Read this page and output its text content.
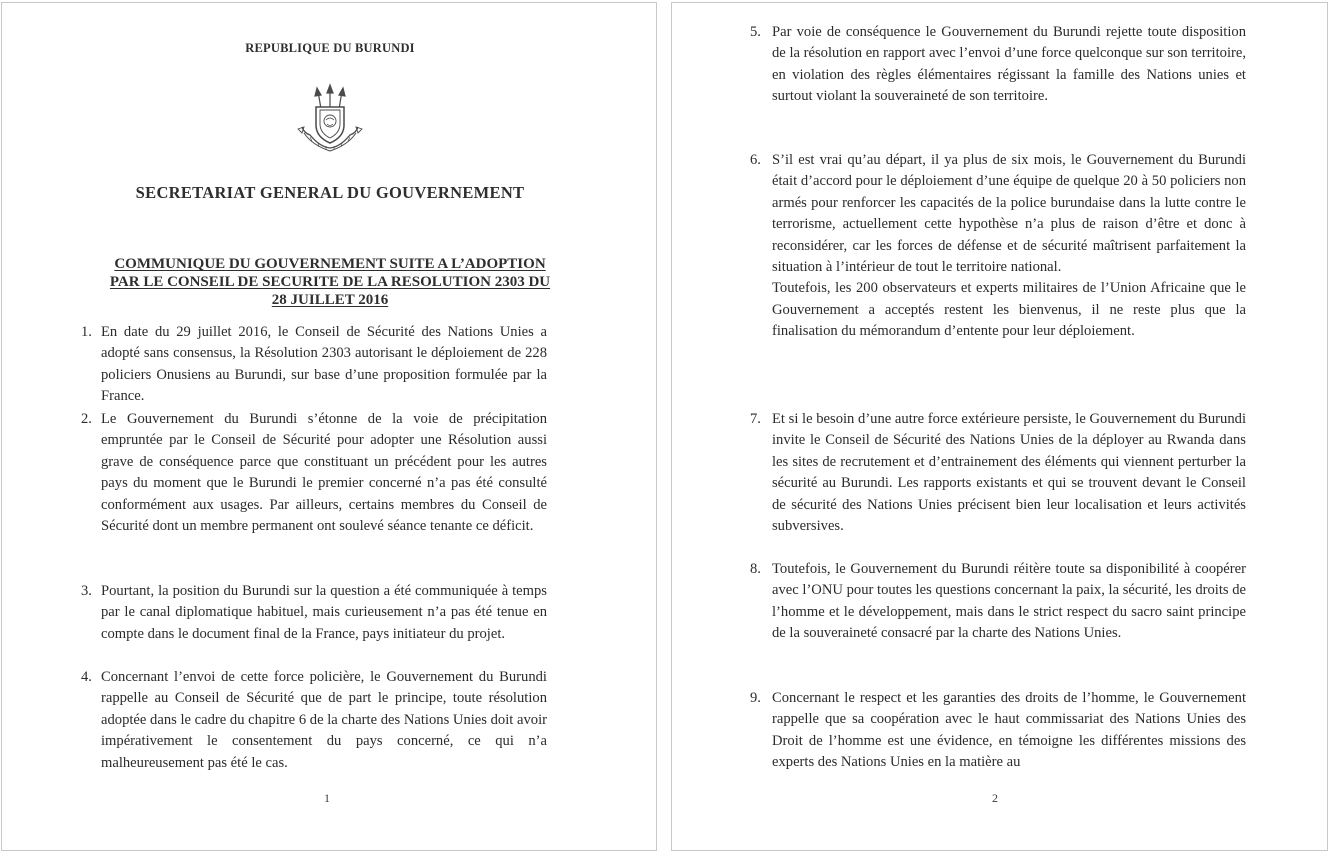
REPUBLIQUE DU BURUNDI
SECRETARIAT GENERAL DU GOUVERNEMENT
COMMUNIQUE DU GOUVERNEMENT SUITE A L’ADOPTION
PAR LE CONSEIL DE SECURITE DE LA RESOLUTION 2303 DU
28 JUILLET 2016
1. En date du 29 juillet 2016, le Conseil de Sécurité des Nations Unies a adopté sans consensus, la Résolution 2303 autorisant le déploiement de 228 policiers Onusiens au Burundi, sur base d’une proposition formulée par la France.
2. Le Gouvernement du Burundi s’étonne de la voie de précipitation empruntée par le Conseil de Sécurité pour adopter une Résolution aussi grave de conséquence parce que constituant un précédent pour les autres pays du moment que le Burundi le premier concerné n’a pas été consulté conformément aux usages. Par ailleurs, certains membres du Conseil de Sécurité dont un membre permanent ont soulevé séance tenante ce déficit.
3. Pourtant, la position du Burundi sur la question a été communiquée à temps par le canal diplomatique habituel, mais curieusement n’a pas été tenue en compte dans le document final de la France, pays initiateur du projet.
4. Concernant l’envoi de cette force policière, le Gouvernement du Burundi rappelle au Conseil de Sécurité que de part le principe, toute résolution adoptée dans le cadre du chapitre 6 de la charte des Nations Unies doit avoir impérativement le consentement du pays concerné, ce qui n’a malheureusement pas été le cas.
1
5. Par voie de conséquence le Gouvernement du Burundi rejette toute disposition de la résolution en rapport avec l’envoi d’une force quelconque sur son territoire, en violation des règles élémentaires régissant la famille des Nations unies et surtout violant la souveraineté de son territoire.
6. S’il est vrai qu’au départ, il ya plus de six mois, le Gouvernement du Burundi était d’accord pour le déploiement d’une équipe de quelque 20 à 50 policiers non armés pour renforcer les capacités de la police burundaise dans la lutte contre le terrorisme, actuellement cette hypothèse n’a plus de raison d’être et donc à reconsidérer, car les forces de défense et de sécurité maîtrisent parfaitement la situation à l’intérieur de tout le territoire national.
Toutefois, les 200 observateurs et experts militaires de l’Union Africaine que le Gouvernement a acceptés restent les bienvenus, il ne reste plus que la finalisation du mémorandum d’entente pour leur déploiement.
7. Et si le besoin d’une autre force extérieure persiste, le Gouvernement du Burundi invite le Conseil de Sécurité des Nations Unies de la déployer au Rwanda dans les sites de recrutement et d’entrainement des éléments qui viennent perturber la sécurité au Burundi. Les rapports existants et qui se trouvent devant le Conseil de sécurité des Nations Unies précisent bien leur localisation et leurs activités subversives.
8. Toutefois, le Gouvernement du Burundi réitère toute sa disponibilité à coopérer avec l’ONU pour toutes les questions concernant la paix, la sécurité, les droits de l’homme et le développement, mais dans le strict respect du sacro saint principe de la souveraineté consacré par la charte des Nations Unies.
9. Concernant le respect et les garanties des droits de l’homme, le Gouvernement rappelle que sa coopération avec le haut commissariat des Nations Unies des Droit de l’homme est une évidence, en témoigne les différentes missions des experts des Nations Unies en la matière au
2
